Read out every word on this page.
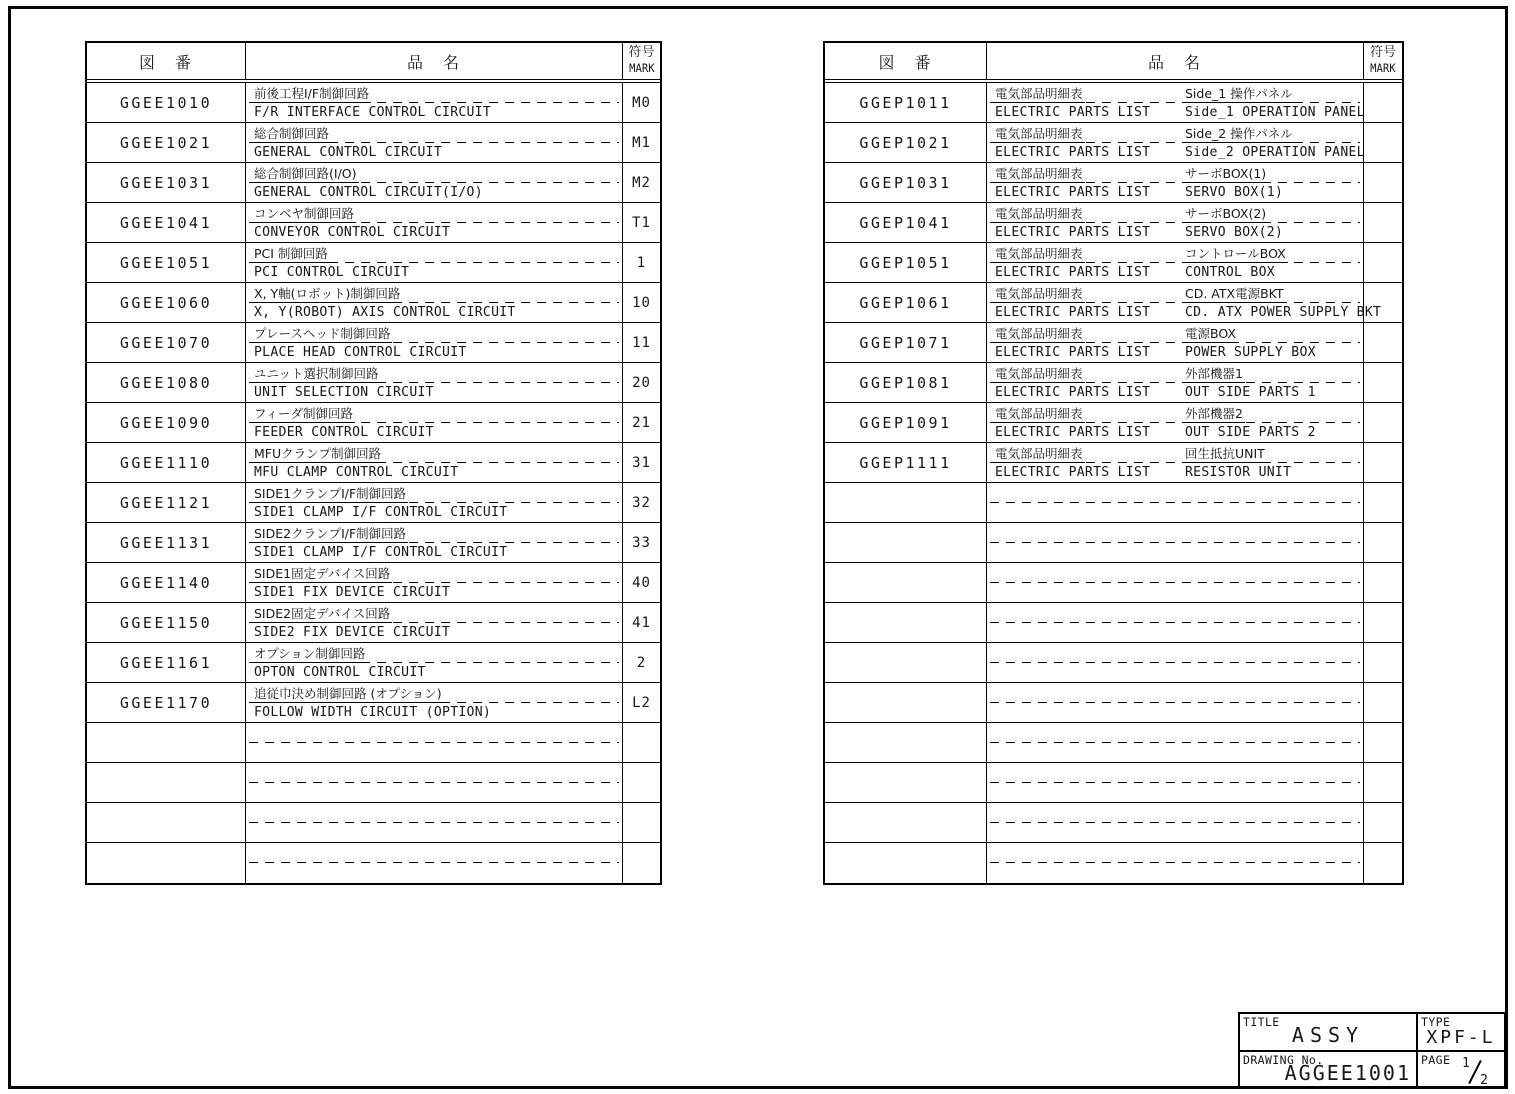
図　番	品　名	符号
MARK
GGEE1010	前後工程I/F制御回路
F/R INTERFACE CONTROL CIRCUIT
M0
GGEE1021	総合制御回路
GENERAL CONTROL CIRCUIT
M1
GGEE1031	総合制御回路(I/O)
GENERAL CONTROL CIRCUIT(I/O)
M2
GGEE1041	コンベヤ制御回路
CONVEYOR CONTROL CIRCUIT
T1
GGEE1051	PCI 制御回路
PCI CONTROL CIRCUIT
1
GGEE1060	X, Y軸(ロボット)制御回路
X, Y(ROBOT) AXIS CONTROL CIRCUIT
10
GGEE1070	プレースヘッド制御回路
PLACE HEAD CONTROL CIRCUIT
11
GGEE1080	ユニット選択制御回路
UNIT SELECTION CIRCUIT
20
GGEE1090	フィーダ制御回路
FEEDER CONTROL CIRCUIT
21
GGEE1110	MFUクランプ制御回路
MFU CLAMP CONTROL CIRCUIT
31
GGEE1121	SIDE1クランプI/F制御回路
SIDE1 CLAMP I/F CONTROL CIRCUIT
32
GGEE1131	SIDE2クランプI/F制御回路
SIDE1 CLAMP I/F CONTROL CIRCUIT
33
GGEE1140	SIDE1固定デバイス回路
SIDE1 FIX DEVICE CIRCUIT
40
GGEE1150	SIDE2固定デバイス回路
SIDE2 FIX DEVICE CIRCUIT
41
GGEE1161	オプション制御回路
OPTON CONTROL CIRCUIT
2
GGEE1170	追従巾決め制御回路 (オプション)
FOLLOW WIDTH CIRCUIT (OPTION)
L2
図　番	品　名	符号
MARK
GGEP1011	電気部品明細表	Side_1 操作パネル
ELECTRIC PARTS LIST	Side_1 OPERATION PANEL
GGEP1021	電気部品明細表	Side_2 操作パネル
ELECTRIC PARTS LIST	Side_2 OPERATION PANEL
GGEP1031	電気部品明細表	サーボBOX(1)
ELECTRIC PARTS LIST	SERVO BOX(1)
GGEP1041	電気部品明細表	サーボBOX(2)
ELECTRIC PARTS LIST	SERVO BOX(2)
GGEP1051	電気部品明細表	コントロールBOX
ELECTRIC PARTS LIST	CONTROL BOX
GGEP1061	電気部品明細表	CD. ATX電源BKT
ELECTRIC PARTS LIST	CD. ATX POWER SUPPLY BKT
GGEP1071	電気部品明細表	電源BOX
ELECTRIC PARTS LIST	POWER SUPPLY BOX
GGEP1081	電気部品明細表	外部機器1
ELECTRIC PARTS LIST	OUT SIDE PARTS 1
GGEP1091	電気部品明細表	外部機器2
ELECTRIC PARTS LIST	OUT SIDE PARTS 2
GGEP1111	電気部品明細表	回生抵抗UNIT
ELECTRIC PARTS LIST	RESISTOR UNIT
TITLE
ASSY
TYPE
XPF-L
DRAWING No.
AGGEE1001
PAGE 1
2
